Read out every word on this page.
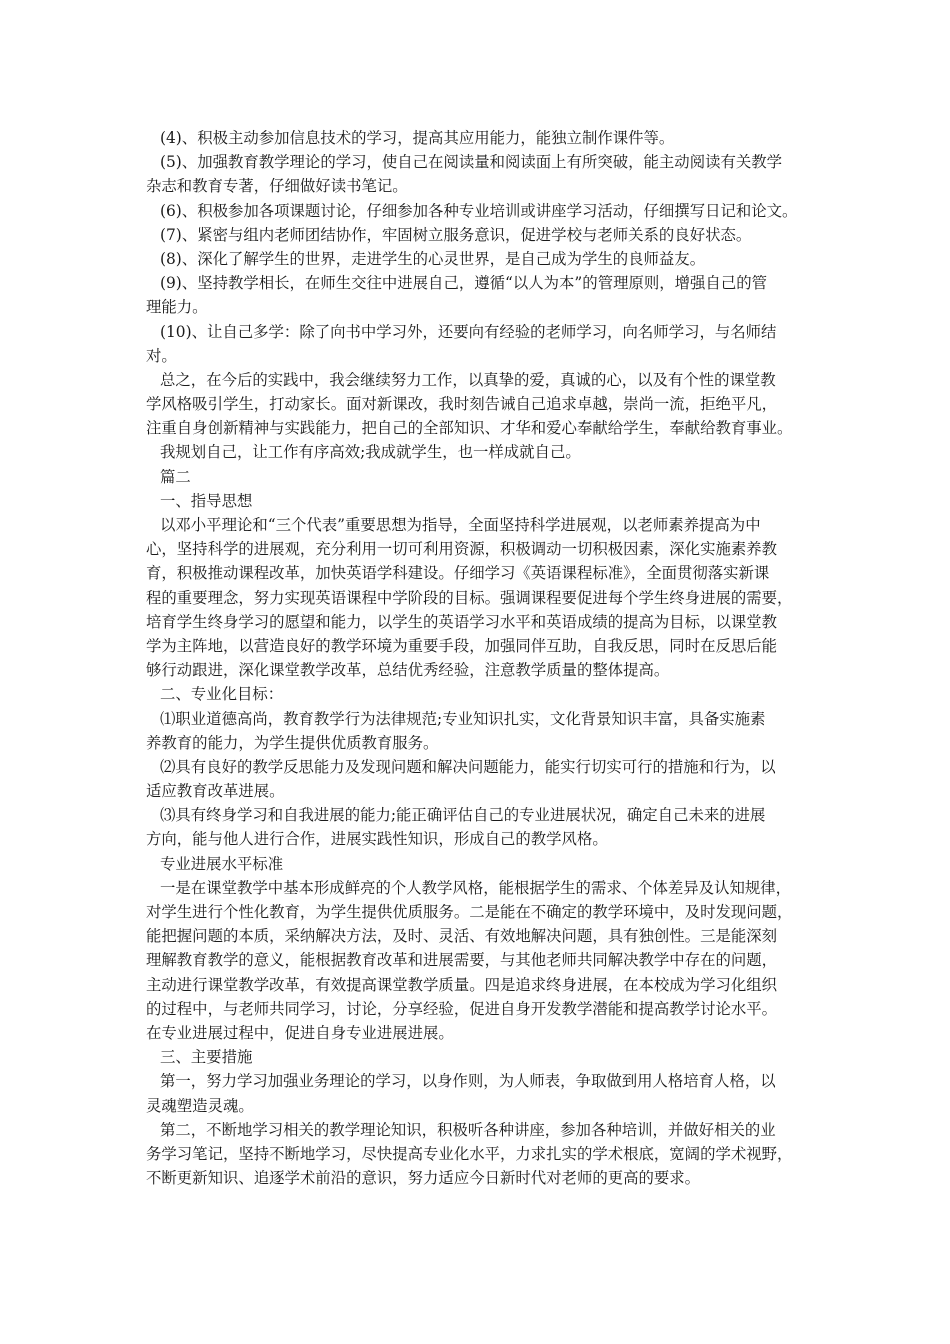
(4)、积极主动参加信息技术的学习，提高其应用能力，能独立制作课件等。
(5)、加强教育教学理论的学习，使自己在阅读量和阅读面上有所突破，能主动阅读有关教学
杂志和教育专著，仔细做好读书笔记。
(6)、积极参加各项课题讨论，仔细参加各种专业培训或讲座学习活动，仔细撰写日记和论文。
(7)、紧密与组内老师团结协作，牢固树立服务意识，促进学校与老师关系的良好状态。
(8)、深化了解学生的世界，走进学生的心灵世界，是自己成为学生的良师益友。
(9)、坚持教学相长，在师生交往中进展自己，遵循“以人为本”的管理原则，增强自己的管
理能力。
(10)、让自己多学：除了向书中学习外，还要向有经验的老师学习，向名师学习，与名师结
对。
总之，在今后的实践中，我会继续努力工作，以真挚的爱，真诚的心，以及有个性的课堂教
学风格吸引学生，打动家长。面对新课改，我时刻告诫自己追求卓越，崇尚一流，拒绝平凡，
注重自身创新精神与实践能力，把自己的全部知识、才华和爱心奉献给学生，奉献给教育事业。
我规划自己，让工作有序高效;我成就学生，也一样成就自己。
篇二
一、指导思想
以邓小平理论和“三个代表”重要思想为指导，全面坚持科学进展观，以老师素养提高为中
心，坚持科学的进展观，充分利用一切可利用资源，积极调动一切积极因素，深化实施素养教
育，积极推动课程改革，加快英语学科建设。仔细学习《英语课程标准》，全面贯彻落实新课
程的重要理念，努力实现英语课程中学阶段的目标。强调课程要促进每个学生终身进展的需要，
培育学生终身学习的愿望和能力，以学生的英语学习水平和英语成绩的提高为目标，以课堂教
学为主阵地，以营造良好的教学环境为重要手段，加强同伴互助，自我反思，同时在反思后能
够行动跟进，深化课堂教学改革，总结优秀经验，注意教学质量的整体提高。
二、专业化目标：
⑴职业道德高尚，教育教学行为法律规范;专业知识扎实，文化背景知识丰富，具备实施素
养教育的能力，为学生提供优质教育服务。
⑵具有良好的教学反思能力及发现问题和解决问题能力，能实行切实可行的措施和行为，以
适应教育改革进展。
⑶具有终身学习和自我进展的能力;能正确评估自己的专业进展状况，确定自己未来的进展
方向，能与他人进行合作，进展实践性知识，形成自己的教学风格。
专业进展水平标准
一是在课堂教学中基本形成鲜亮的个人教学风格，能根据学生的需求、个体差异及认知规律，
对学生进行个性化教育，为学生提供优质服务。二是能在不确定的教学环境中，及时发现问题，
能把握问题的本质，采纳解决方法，及时、灵活、有效地解决问题，具有独创性。三是能深刻
理解教育教学的意义，能根据教育改革和进展需要，与其他老师共同解决教学中存在的问题，
主动进行课堂教学改革，有效提高课堂教学质量。四是追求终身进展，在本校成为学习化组织
的过程中，与老师共同学习，讨论，分享经验，促进自身开发教学潜能和提高教学讨论水平。
在专业进展过程中，促进自身专业进展进展。
三、主要措施
第一，努力学习加强业务理论的学习，以身作则，为人师表，争取做到用人格培育人格，以
灵魂塑造灵魂。
第二，不断地学习相关的教学理论知识，积极听各种讲座，参加各种培训，并做好相关的业
务学习笔记，坚持不断地学习，尽快提高专业化水平，力求扎实的学术根底，宽阔的学术视野，
不断更新知识、追逐学术前沿的意识，努力适应今日新时代对老师的更高的要求。
